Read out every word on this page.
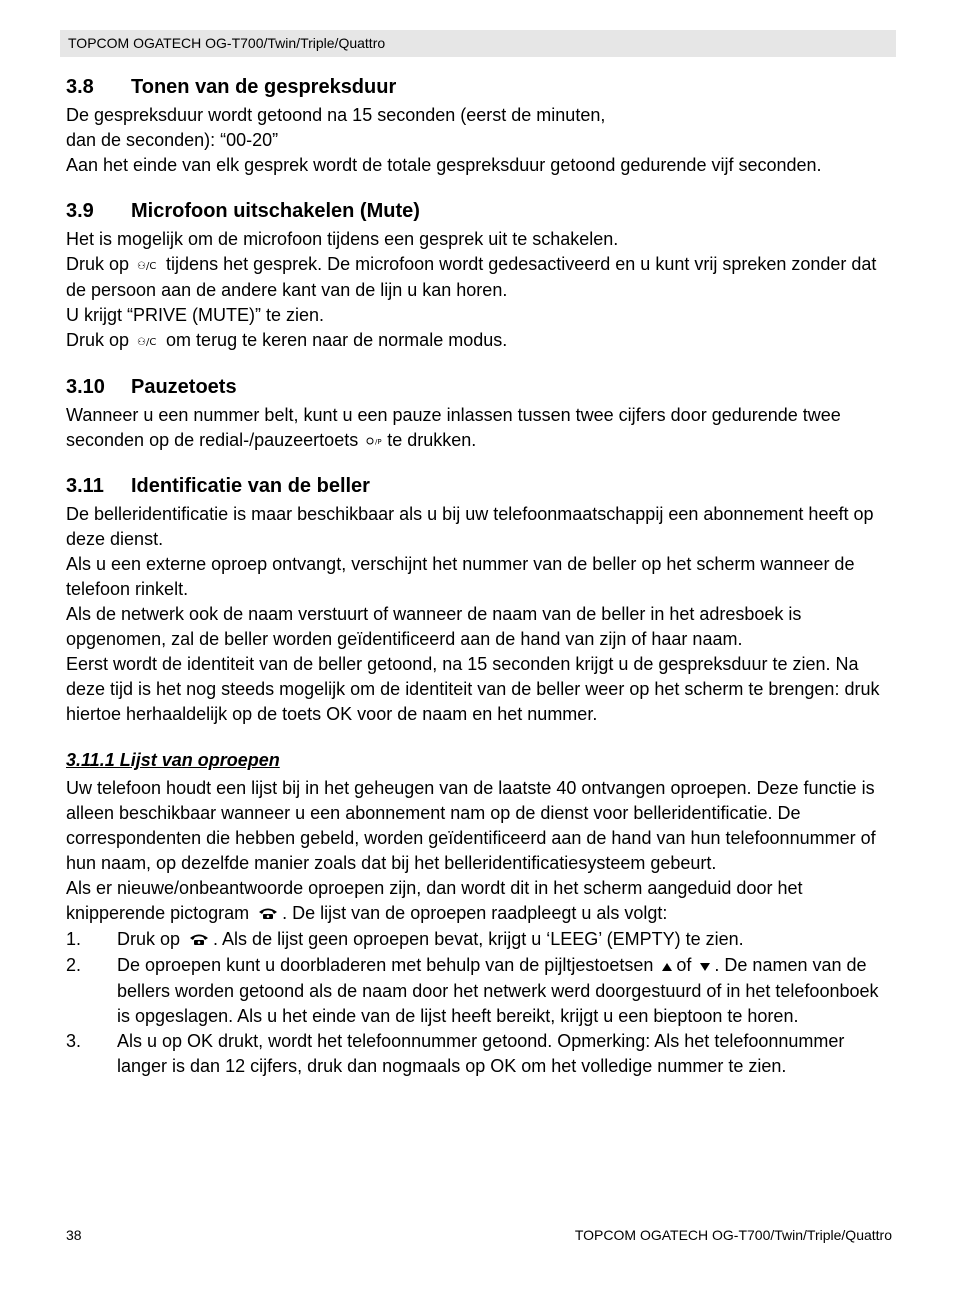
TOPCOM OGATECH OG-T700/Twin/Triple/Quattro
3.8 Tonen van de gespreksduur

De gespreksduur wordt getoond na 15 seconden (eerst de minuten,
dan de seconden): “00-20”

Aan het einde van elk gesprek wordt de totale gespreksduur getoond gedurende vijf seconden.

3.9 Microfoon uitschakelen (Mute)

Het is mogelijk om de microfoon tijdens een gesprek uit te schakelen.

Druk op ⚇/C tijdens het gesprek. De microfoon wordt gedesactiveerd en u kunt vrij spreken zonder dat de persoon aan de andere kant van de lijn u kan horen.

U krijgt “PRIVE (MUTE)” te zien.

Druk op ⚇/C om terug te keren naar de normale modus.

3.10 Pauzetoets

Wanneer u een nummer belt, kunt u een pauze inlassen tussen twee cijfers door gedurende twee seconden op de redial-/pauzeertoets /P te drukken.

3.11 Identificatie van de beller

De belleridentificatie is maar beschikbaar als u bij uw telefoonmaatschappij een abonnement heeft op deze dienst.

Als u een externe oproep ontvangt, verschijnt het nummer van de beller op het scherm wanneer de telefoon rinkelt.

Als de netwerk ook de naam verstuurt of wanneer de naam van de beller in het adresboek is opgenomen, zal de beller worden geïdentificeerd aan de hand van zijn of haar naam.

Eerst wordt de identiteit van de beller getoond, na 15 seconden krijgt u de gespreksduur te zien. Na deze tijd is het nog steeds mogelijk om de identiteit van de beller weer op het scherm te brengen: druk hiertoe herhaaldelijk op de toets OK voor de naam en het nummer.

3.11.1 Lijst van oproepen

Uw telefoon houdt een lijst bij in het geheugen van de laatste 40 ontvangen oproepen. Deze functie is alleen beschikbaar wanneer u een abonnement nam op de dienst voor belleridentificatie. De correspondenten die hebben gebeld, worden geïdentificeerd aan de hand van hun telefoonnummer of hun naam, op dezelfde manier zoals dat bij het belleridentificatiesysteem gebeurt.

Als er nieuwe/onbeantwoorde oproepen zijn, dan wordt dit in het scherm aangeduid door het knipperende pictogram . De lijst van de oproepen raadpleegt u als volgt:

1. Druk op . Als de lijst geen oproepen bevat, krijgt u ‘LEEG’ (EMPTY) te zien.
2. De oproepen kunt u doorbladeren met behulp van de pijltjestoetsen of . De namen van de bellers worden getoond als de naam door het netwerk werd doorgestuurd of in het telefoonboek is opgeslagen. Als u het einde van de lijst heeft bereikt, krijgt u een bieptoon te horen.
3. Als u op OK drukt, wordt het telefoonnummer getoond. Opmerking: Als het telefoonnummer langer is dan 12 cijfers, druk dan nogmaals op OK om het volledige nummer te zien.
38	TOPCOM OGATECH OG-T700/Twin/Triple/Quattro
